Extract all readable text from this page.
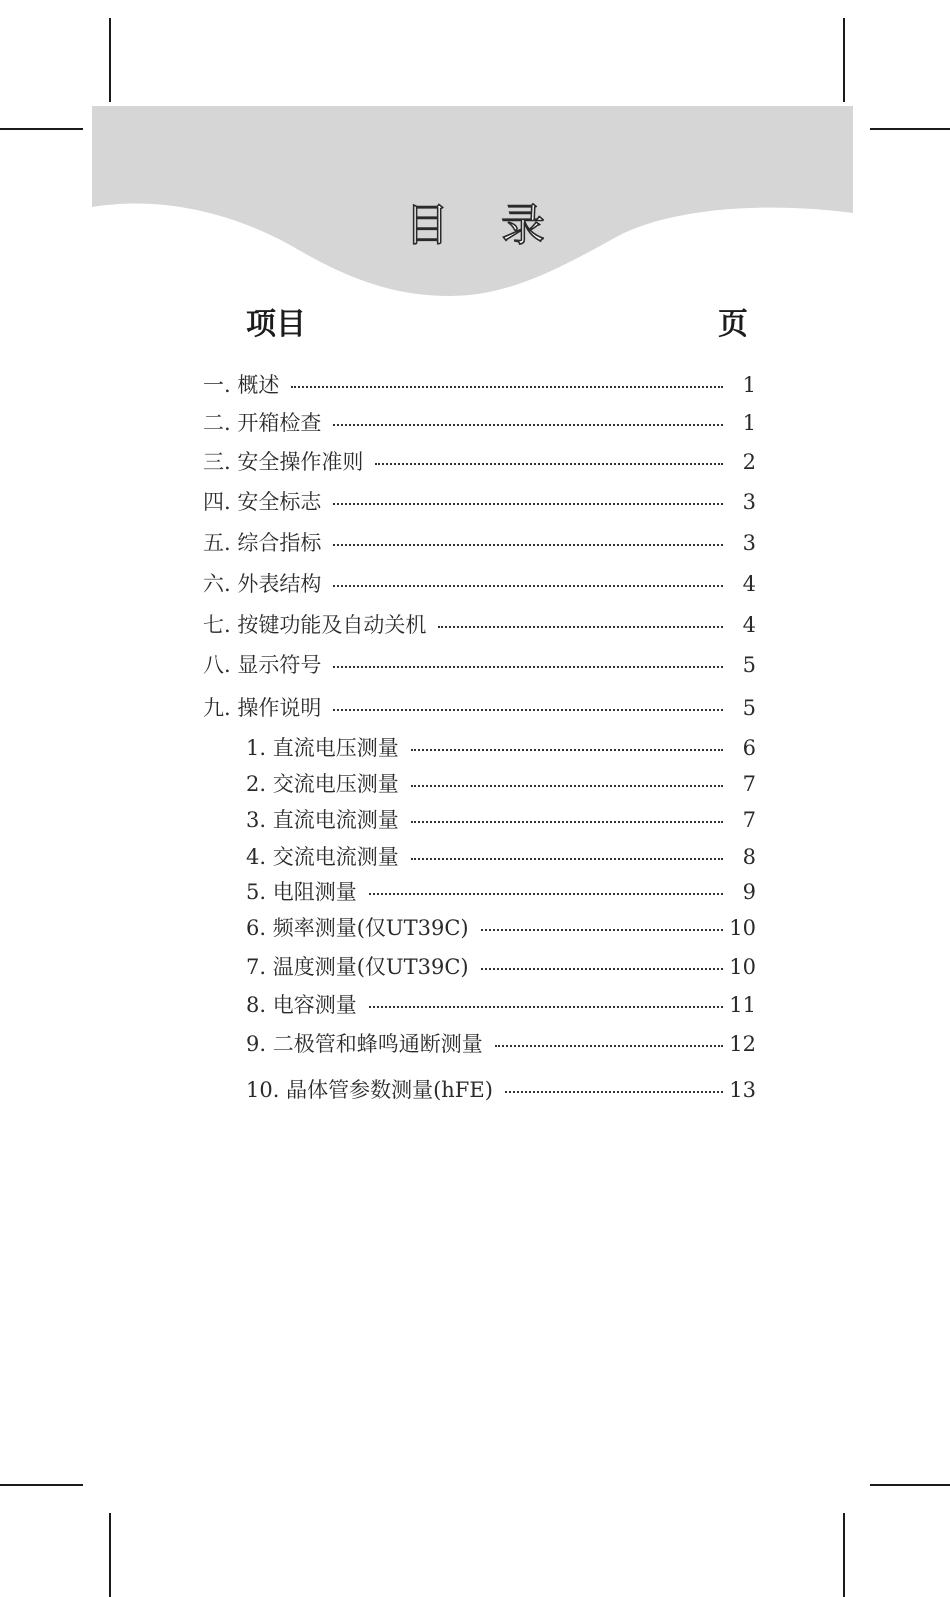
目 录
项目	页
一. 概述	1
二. 开箱检查	1
三. 安全操作准则	2
四. 安全标志	3
五. 综合指标	3
六. 外表结构	4
七. 按键功能及自动关机	4
八. 显示符号	5
九. 操作说明	5
1. 直流电压测量	6
2. 交流电压测量	7
3. 直流电流测量	7
4. 交流电流测量	8
5. 电阻测量	9
6. 频率测量(仅UT39C)	10
7. 温度测量(仅UT39C)	10
8. 电容测量	11
9. 二极管和蜂鸣通断测量	12
10. 晶体管参数测量(hFE)	13
